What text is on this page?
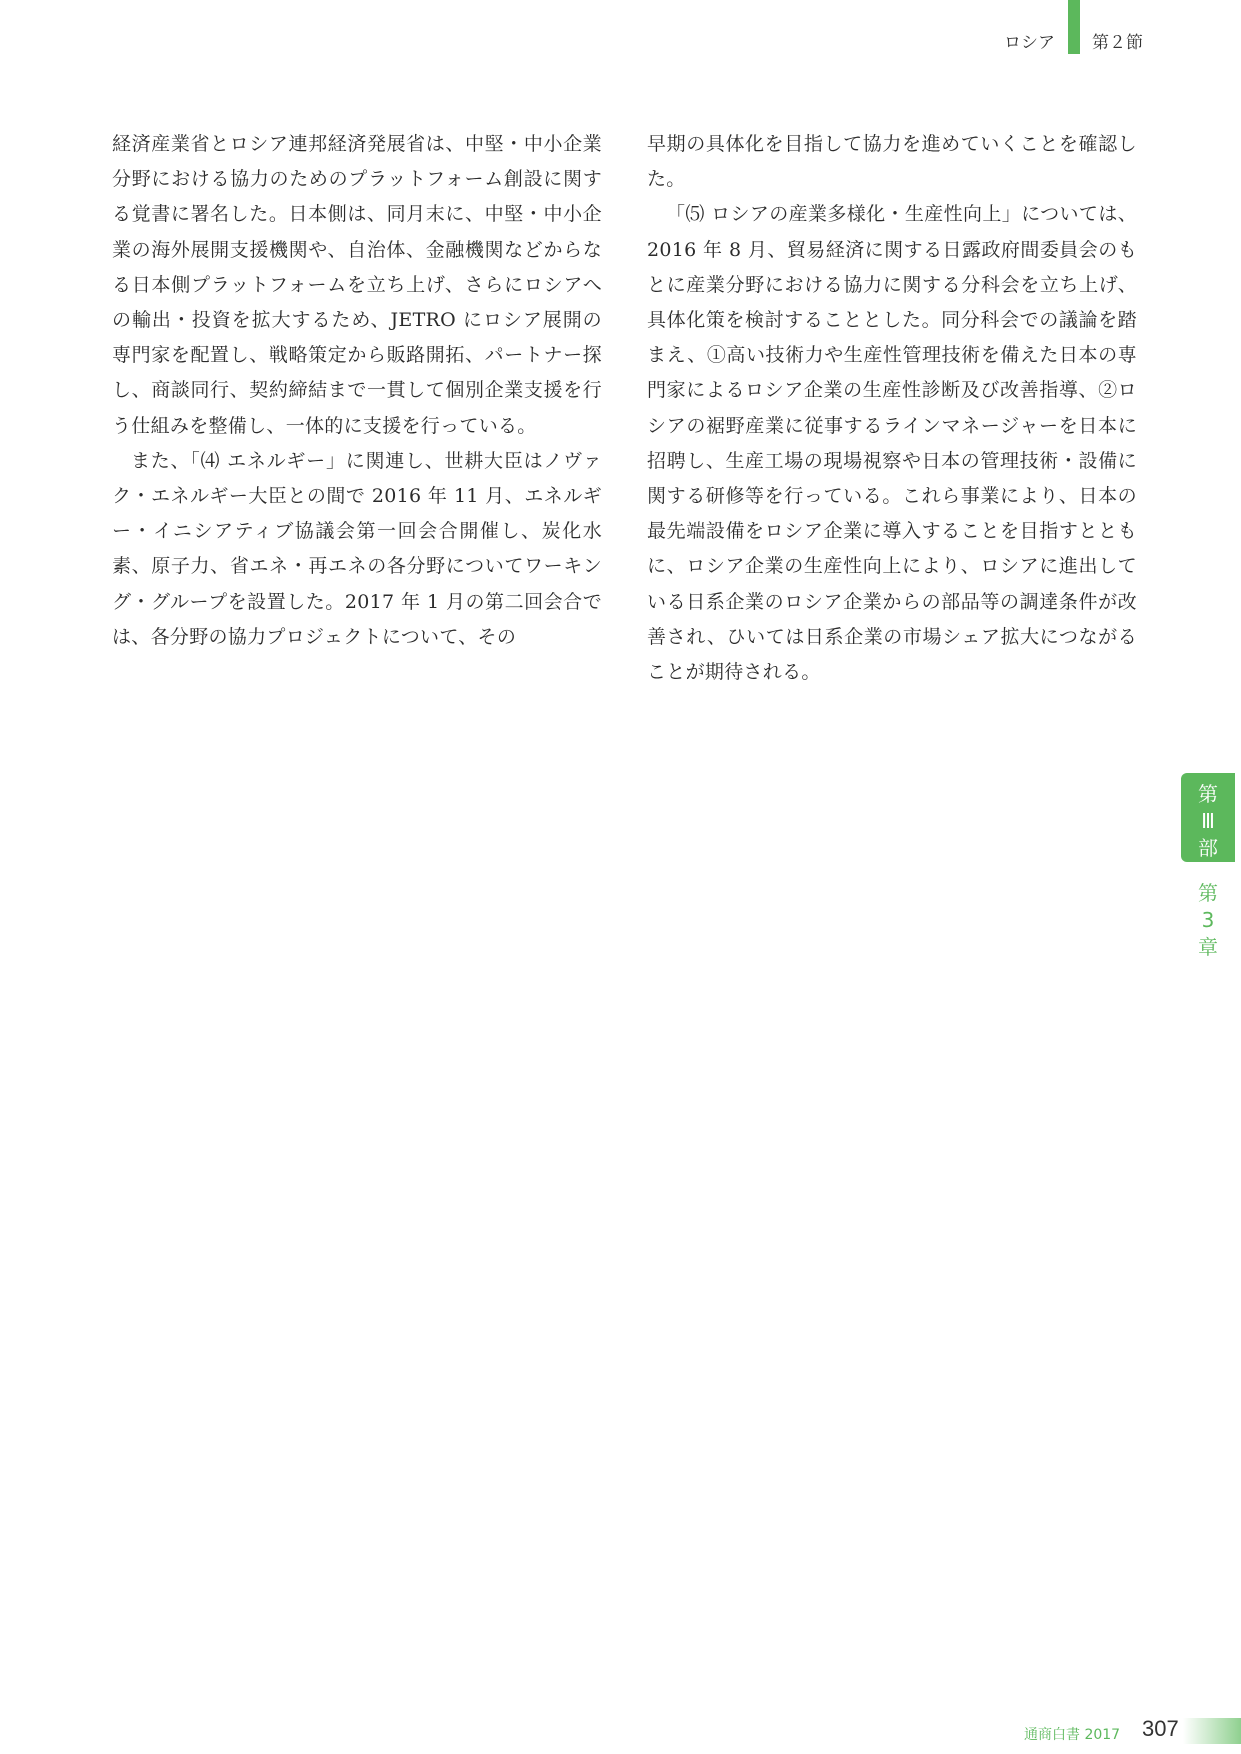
ロシア 第２節

経済産業省とロシア連邦経済発展省は、中堅・中小企業分野における協力のためのプラットフォーム創設に関する覚書に署名した。日本側は、同月末に、中堅・中小企業の海外展開支援機関や、自治体、金融機関などからなる日本側プラットフォームを立ち上げ、さらにロシアへの輸出・投資を拡大するため、JETRO にロシア展開の専門家を配置し、戦略策定から販路開拓、パートナー探し、商談同行、契約締結まで一貫して個別企業支援を行う仕組みを整備し、一体的に支援を行っている。

また、「⑷ エネルギー」に関連し、世耕大臣はノヴァク・エネルギー大臣との間で 2016 年 11 月、エネルギー・イニシアティブ協議会第一回会合開催し、炭化水素、原子力、省エネ・再エネの各分野についてワーキング・グループを設置した。2017 年 1 月の第二回会合では、各分野の協力プロジェクトについて、その

早期の具体化を目指して協力を進めていくことを確認した。

「⑸ ロシアの産業多様化・生産性向上」については、2016 年 8 月、貿易経済に関する日露政府間委員会のもとに産業分野における協力に関する分科会を立ち上げ、具体化策を検討することとした。同分科会での議論を踏まえ、①高い技術力や生産性管理技術を備えた日本の専門家によるロシア企業の生産性診断及び改善指導、②ロシアの裾野産業に従事するラインマネージャーを日本に招聘し、生産工場の現場視察や日本の管理技術・設備に関する研修等を行っている。これら事業により、日本の最先端設備をロシア企業に導入することを目指すとともに、ロシア企業の生産性向上により、ロシアに進出している日系企業のロシア企業からの部品等の調達条件が改善され、ひいては日系企業の市場シェア拡大につながることが期待される。

第
Ⅲ
部
第
3
章
通商白書 2017 307
